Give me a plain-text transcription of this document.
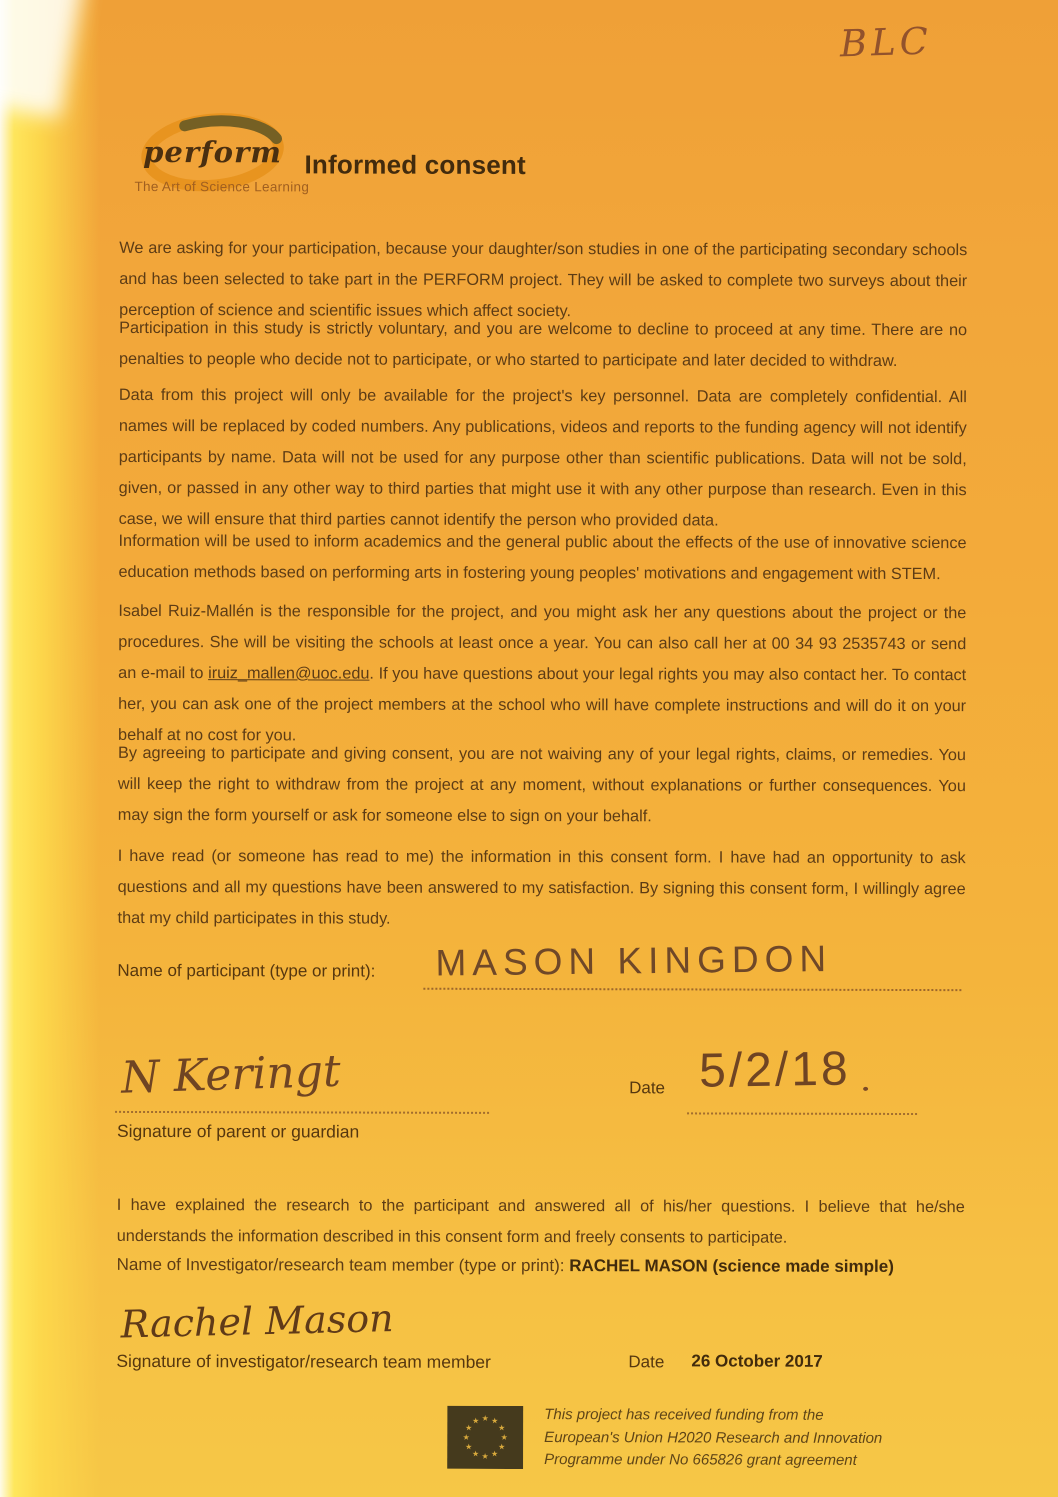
BLC
perform
The Art of Science Learning
Informed consent

We are asking for your participation, because your daughter/son studies in one of the participating secondary schools and has been selected to take part in the PERFORM project. They will be asked to complete two surveys about their perception of science and scientific issues which affect society.

Participation in this study is strictly voluntary, and you are welcome to decline to proceed at any time. There are no penalties to people who decide not to participate, or who started to participate and later decided to withdraw.

Data from this project will only be available for the project's key personnel. Data are completely confidential. All names will be replaced by coded numbers. Any publications, videos and reports to the funding agency will not identify participants by name. Data will not be used for any purpose other than scientific publications. Data will not be sold, given, or passed in any other way to third parties that might use it with any other purpose than research. Even in this case, we will ensure that third parties cannot identify the person who provided data.

Information will be used to inform academics and the general public about the effects of the use of innovative science education methods based on performing arts in fostering young peoples' motivations and engagement with STEM.

Isabel Ruiz-Mallén is the responsible for the project, and you might ask her any questions about the project or the procedures. She will be visiting the schools at least once a year. You can also call her at 00 34 93 2535743 or send an e-mail to iruiz_mallen@uoc.edu. If you have questions about your legal rights you may also contact her. To contact her, you can ask one of the project members at the school who will have complete instructions and will do it on your behalf at no cost for you.

By agreeing to participate and giving consent, you are not waiving any of your legal rights, claims, or remedies. You will keep the right to withdraw from the project at any moment, without explanations or further consequences. You may sign the form yourself or ask for someone else to sign on your behalf.

I have read (or someone has read to me) the information in this consent form. I have had an opportunity to ask questions and all my questions have been answered to my satisfaction. By signing this consent form, I willingly agree that my child participates in this study.

Name of participant (type or print): MASON KINGDON
N Keringt	Date 5/2/18
Signature of parent or guardian

I have explained the research to the participant and answered all of his/her questions. I believe that he/she understands the information described in this consent form and freely consents to participate.

Name of Investigator/research team member (type or print): RACHEL MASON (science made simple)
Rachel Mason
Signature of investigator/research team member	Date 26 October 2017
★ ★
★
★
★
★
★
★
★
★
★
★	This project has received funding from the
European's Union H2020 Research and Innovation
Programme under No 665826 grant agreement
